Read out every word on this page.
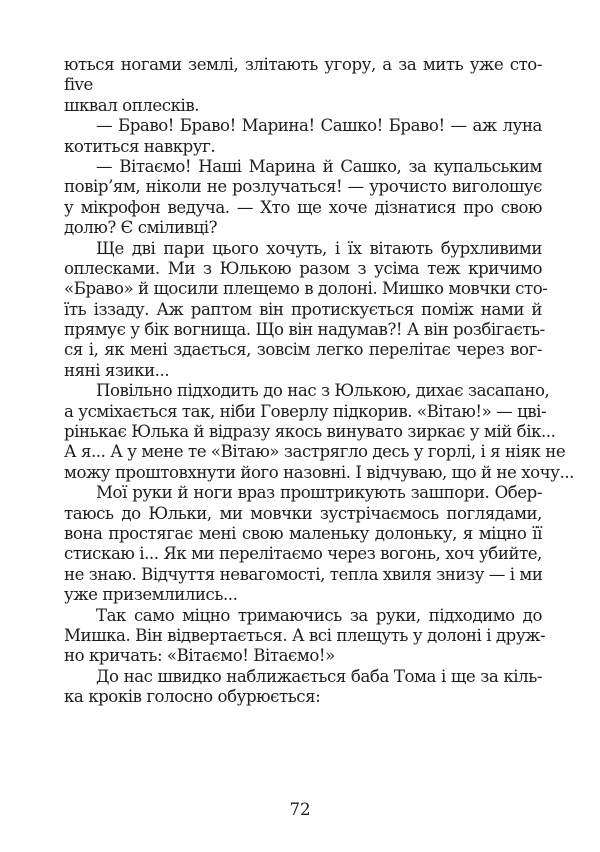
ються ногами землі, злітають угору, а за мить уже сто-
five
шквал оплесків.
— Браво! Браво! Марина! Сашко! Браво! — аж луна
котиться навкруг.
— Вітаємо! Наші Марина й Сашко, за купальським
повір’ям, ніколи не розлучаться! — урочисто виголошує
у мікрофон ведуча. — Хто ще хоче дізнатися про свою
долю? Є сміливці?
Ще дві пари цього хочуть, і їх вітають бурхливими
оплесками. Ми з Юлькою разом з усіма теж кричимо
«Браво» й щосили плещемо в долоні. Мишко мовчки сто-
їть іззаду. Аж раптом він протискується поміж нами й
прямує у бік вогнища. Що він надумав?! А він розбігаєть-
ся і, як мені здається, зовсім легко перелітає через вог-
няні язики...
Повільно підходить до нас з Юлькою, дихає засапано,
а усміхається так, ніби Говерлу підкорив. «Вітаю!» — цві-
рінькає Юлька й відразу якось винувато зиркає у мій бік...
А я... А у мене те «Вітаю» застрягло десь у горлі, і я ніяк не
можу проштовхнути його назовні. І відчуваю, що й не хочу...
Мої руки й ноги враз проштрикують зашпори. Обер-
таюсь до Юльки, ми мовчки зустрічаємось поглядами,
вона простягає мені свою маленьку долоньку, я міцно її
стискаю і... Як ми перелітаємо через вогонь, хоч убийте,
не знаю. Відчуття невагомості, тепла хвиля знизу — і ми
уже приземлились...
Так само міцно тримаючись за руки, підходимо до
Мишка. Він відвертається. А всі плещуть у долоні і друж-
но кричать: «Вітаємо! Вітаємо!»
До нас швидко наближається баба Тома і ще за кіль-
ка кроків голосно обурюється:
72
